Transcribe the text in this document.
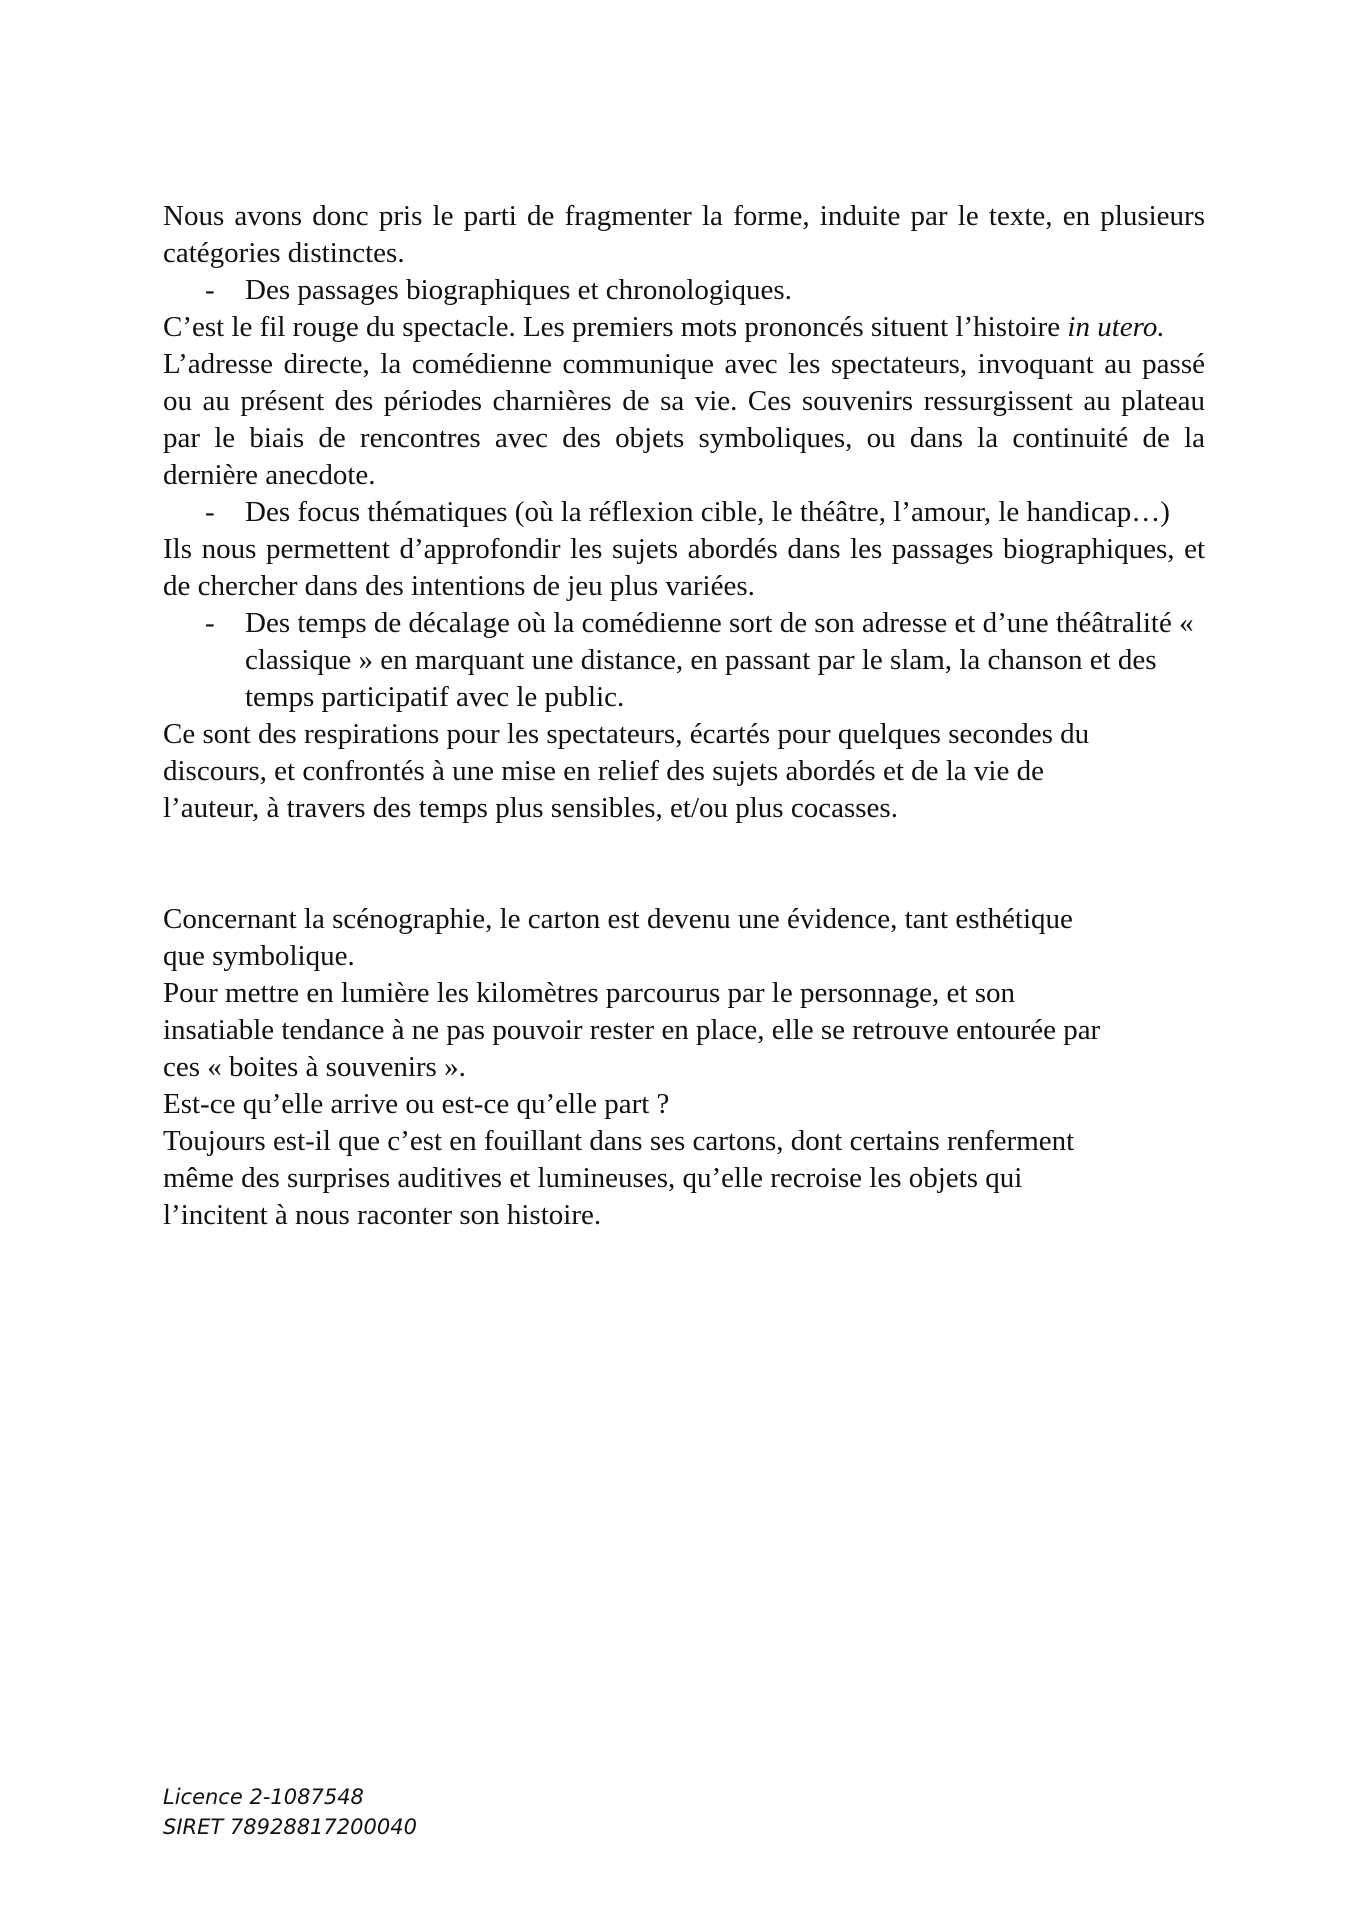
Nous avons donc pris le parti de fragmenter la forme, induite par le texte, en plusieurs catégories distinctes.

- Des passages biographiques et chronologiques.

C’est le fil rouge du spectacle. Les premiers mots prononcés situent l’histoire in utero.

L’adresse directe, la comédienne communique avec les spectateurs, invoquant au passé ou au présent des périodes charnières de sa vie. Ces souvenirs ressurgissent au plateau par le biais de rencontres avec des objets symboliques, ou dans la continuité de la dernière anecdote.

- Des focus thématiques (où la réflexion cible, le théâtre, l’amour, le handicap…)

Ils nous permettent d’approfondir les sujets abordés dans les passages biographiques, et de chercher dans des intentions de jeu plus variées.

- Des temps de décalage où la comédienne sort de son adresse et d’une théâtralité « classique » en marquant une distance, en passant par le slam, la chanson et des temps participatif avec le public.

Ce sont des respirations pour les spectateurs, écartés pour quelques secondes du
discours, et confrontés à une mise en relief des sujets abordés et de la vie de
l’auteur, à travers des temps plus sensibles, et/ou plus cocasses.
Concernant la scénographie, le carton est devenu une évidence, tant esthétique
que symbolique.
Pour mettre en lumière les kilomètres parcourus par le personnage, et son
insatiable tendance à ne pas pouvoir rester en place, elle se retrouve entourée par
ces « boites à souvenirs ».
Est-ce qu’elle arrive ou est-ce qu’elle part ?
Toujours est-il que c’est en fouillant dans ses cartons, dont certains renferment
même des surprises auditives et lumineuses, qu’elle recroise les objets qui
l’incitent à nous raconter son histoire.
Licence 2-1087548
SIRET 78928817200040
